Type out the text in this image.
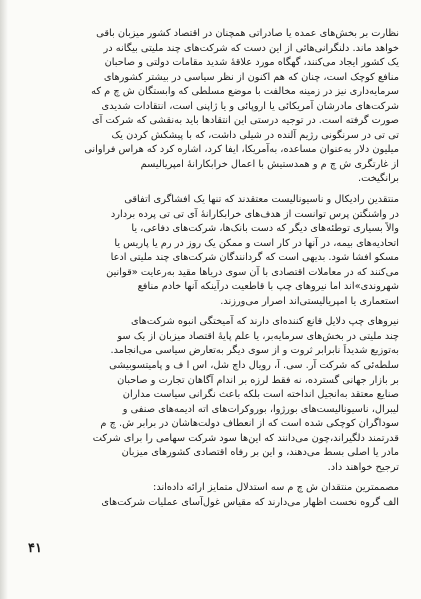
نظارت بر بخش‌های عمده یا صادراتی همچنان در اقتصاد کشور میزبان باقی
خواهد ماند. دلنگرانی‌هائی از این دست که شرکت‌های چند ملیتی بیگانه در
یک کشور ایجاد می‌کنند، گهگاه مورد علاقهٔ شدید مقامات دولتی و صاحبان
منافع کوچک است، چنان که هم اکنون از نظر سیاسی در بیشتر کشورهای
سرمایه‌داری نیز در زمینه مخالفت با موضع مسلطی که وابستگان ش چ م که
شرکت‌های مادرشان آمریکائی یا اروپائی و یا ژاپنی است، انتقادات شدیدی
صورت گرفته است. در توجیه درستی این انتقادها باید به‌نقشی که شرکت آی
تی تی در سرنگونی رژیم آلنده در شیلی داشت، که با پیشکش کردن یک
میلیون دلار به‌عنوان مساعده، به‌آمریکا، ایفا کرد، اشاره کرد که هراس فراوانی
از غارتگری ش چ م و همدستیش با اعمال خرابکارانهٔ امپریالیسم
برانگیخت.
منتقدین رادیکال و ناسیونالیست معتقدند که تنها یک افشاگری اتفاقی
در واشنگتن پرس توانست از هدف‌های خرابکارانهٔ آی تی تی پرده بردارد
والاً بسیاری توطئه‌های دیگر که دست بانک‌ها، شرکت‌های دفاعی، یا
اتحادیه‌های بیمه، در آنها در کار است و ممکن یک روز در رم یا پاریس یا
مسکو افشا شود. بدیهی است که گردانندگان شرکت‌های چند ملیتی ادعا
می‌کنند که در معاملات اقتصادی با آن سوی دریاها مقید به‌رعایت «قوانین
شهروندی»اند اما نیروهای چپ با قاطعیت درآینکه آنها خادم منافع
استعماری یا امپریالیستی‌اند اصرار می‌ورزند.
نیروهای چپ دلایل قانع کننده‌ای دارند که آمیختگی انبوه شرکت‌های
چند ملیتی در بخش‌های سرمایه‌بر، یا علم پایهٔ اقتصاد میزبان از یک سو
به‌توزیع شدیداً نابرابر ثروت و از سوی دیگر به‌تعارض سیاسی می‌انجامد.
سلطه‌ئی که شرکت آر. سی. آ، رویال داچ شل، اس ا ف و پامیتسوبیشی
بر بازار جهانی گسترده، نه فقط لرزه بر اندام آگاهان تجارت و صاحبان
صنایع معتقد به‌انجیل انداخته است بلکه باعث نگرانی سیاست مداران
لیبرال، ناسیونالیست‌های بورژوا، بوروکرات‌های اته ادیمه‌های صنفی و
سوداگران کوچکی شده است که از انعطاف دولت‌هاشان در برابر ش. چ م
قدرتمند دلگیراند،چون می‌دانند که این‌ها سود شرکت سهامی را برای شرکت
مادر یا اصلی بسط می‌دهند، و این بر رفاه اقتصادی کشورهای میزبان
ترجیح خواهند داد.
مصممترین منتقدان ش چ م سه استدلال متمایز ارائه داده‌اند:
الف گروه نخست اظهار می‌دارند که مقیاس غول‌آسای عملیات شرکت‌های
۴۱
